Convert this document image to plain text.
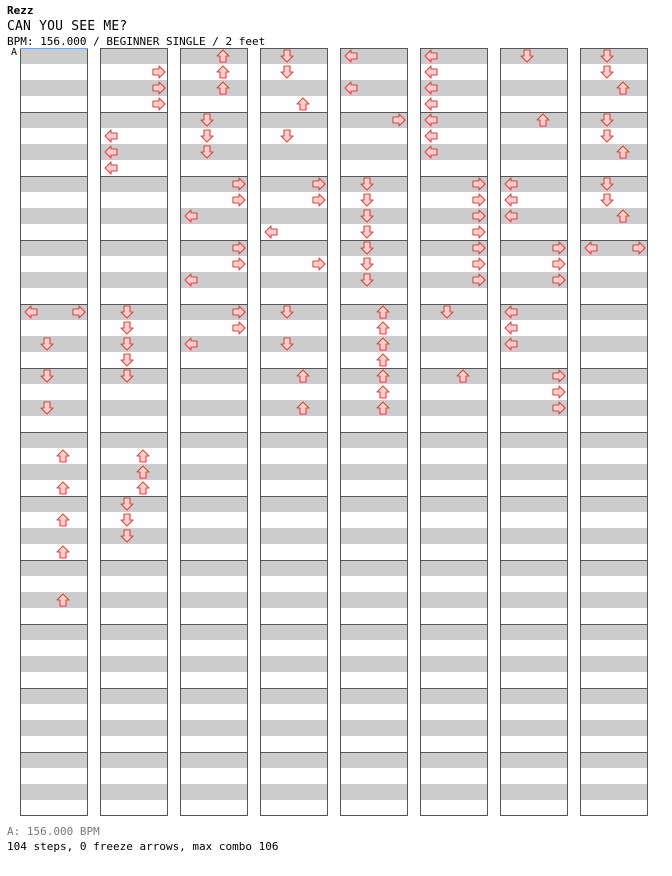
Rezz
CAN YOU SEE ME?
BPM: 156.000 / BEGINNER SINGLE / 2 feet
A
A: 156.000 BPM
104 steps, 0 freeze arrows, max combo 106
